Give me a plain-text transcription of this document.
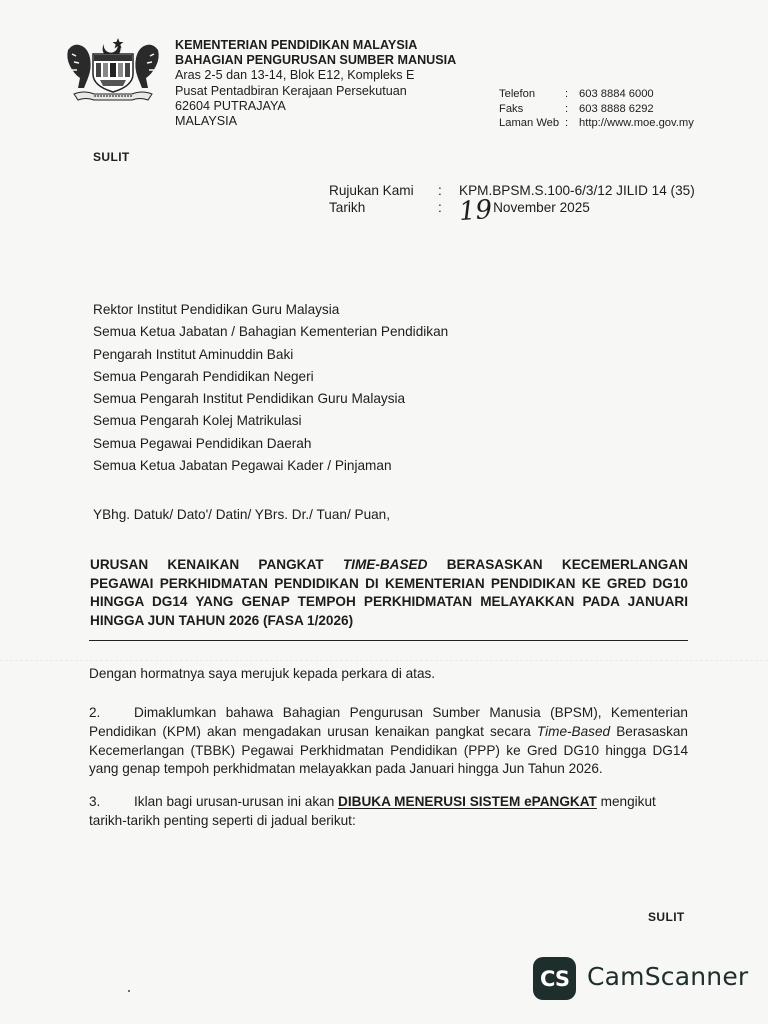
KEMENTERIAN PENDIDIKAN MALAYSIA
BAHAGIAN PENGURUSAN SUMBER MANUSIA
Aras 2-5 dan 13-14, Blok E12, Kompleks E
Pusat Pentadbiran Kerajaan Persekutuan
62604 PUTRAJAYA
MALAYSIA
Telefon	: 603 8884 6000
Faks	: 603 8888 6292
Laman Web : http://www.moe.gov.my
SULIT
Rujukan Kami	:	KPM.BPSM.S.100-6/3/12 JILID 14 (35)
Tarikh	: 19 November 2025
Rektor Institut Pendidikan Guru Malaysia
Semua Ketua Jabatan / Bahagian Kementerian Pendidikan
Pengarah Institut Aminuddin Baki
Semua Pengarah Pendidikan Negeri
Semua Pengarah Institut Pendidikan Guru Malaysia
Semua Pengarah Kolej Matrikulasi
Semua Pegawai Pendidikan Daerah
Semua Ketua Jabatan Pegawai Kader / Pinjaman
YBhg. Datuk/ Dato'/ Datin/ YBrs. Dr./ Tuan/ Puan,
URUSAN KENAIKAN PANGKAT TIME-BASED BERASASKAN KECEMERLANGAN
PEGAWAI PERKHIDMATAN PENDIDIKAN DI KEMENTERIAN PENDIDIKAN KE GRED DG10
HINGGA DG14 YANG GENAP TEMPOH PERKHIDMATAN MELAYAKKAN PADA JANUARI
HINGGA JUN TAHUN 2026 (FASA 1/2026)
Dengan hormatnya saya merujuk kepada perkara di atas.
2. Dimaklumkan bahawa Bahagian Pengurusan Sumber Manusia (BPSM), Kementerian
Pendidikan (KPM) akan mengadakan urusan kenaikan pangkat secara Time-Based Berasaskan
Kecemerlangan (TBBK) Pegawai Perkhidmatan Pendidikan (PPP) ke Gred DG10 hingga DG14
yang genap tempoh perkhidmatan melayakkan pada Januari hingga Jun Tahun 2026.
3. Iklan bagi urusan-urusan ini akan DIBUKA MENERUSI SISTEM ePANGKAT mengikut
tarikh-tarikh penting seperti di jadual berikut:
SULIT
CS CamScanner
